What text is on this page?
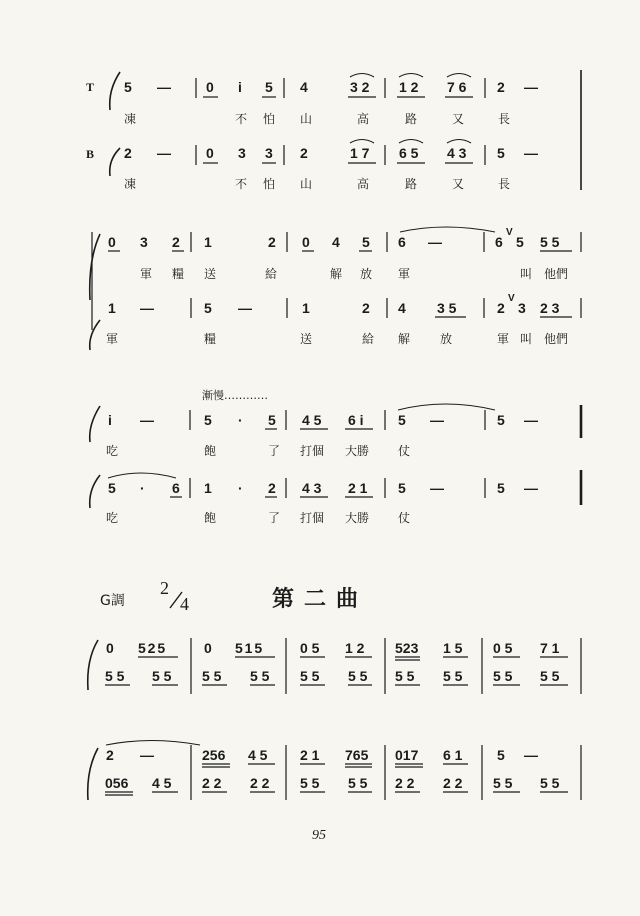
T
B
5 —	0 i 5 4	3 2 1 2 7 6 2 —
凍	不 怕 山	高	路	又	長
2 —	0 3 3 2	1 7 6 5 4 3 5 —
凍	不 怕 山	高	路	又	長
0 3 2 1	2 0 4 5 6 —	6
V
5 5 5
軍 糧 送	給	解 放 軍	叫 他們
1 —	5 —	1	2 4 3 5	2
V
3 2 3
軍	糧	送	給 解 放	軍 叫 他們
漸慢…………
i —	5 · 5 4 5 6 i 5 —	5 —
吃	飽	了 打個 大勝 仗
5 · 6 1 · 2 4 3 2 1 5 —	5 —
吃	飽	了 打個 大勝 仗
G調
2
4	第二曲
0 5 2 5	0 5 1 5	0 5 1 2 523 1 5 0 5 7 1
5 5 5 5 5 5 5 5 5 5 5 5 5 5 5 5 5 5 5 5
2 —	256 4 5 2 1 765 017 6 1 5 —
056 4 5 2 2 2 2 5 5 5 5 2 2 2 2 5 5 5 5
95
